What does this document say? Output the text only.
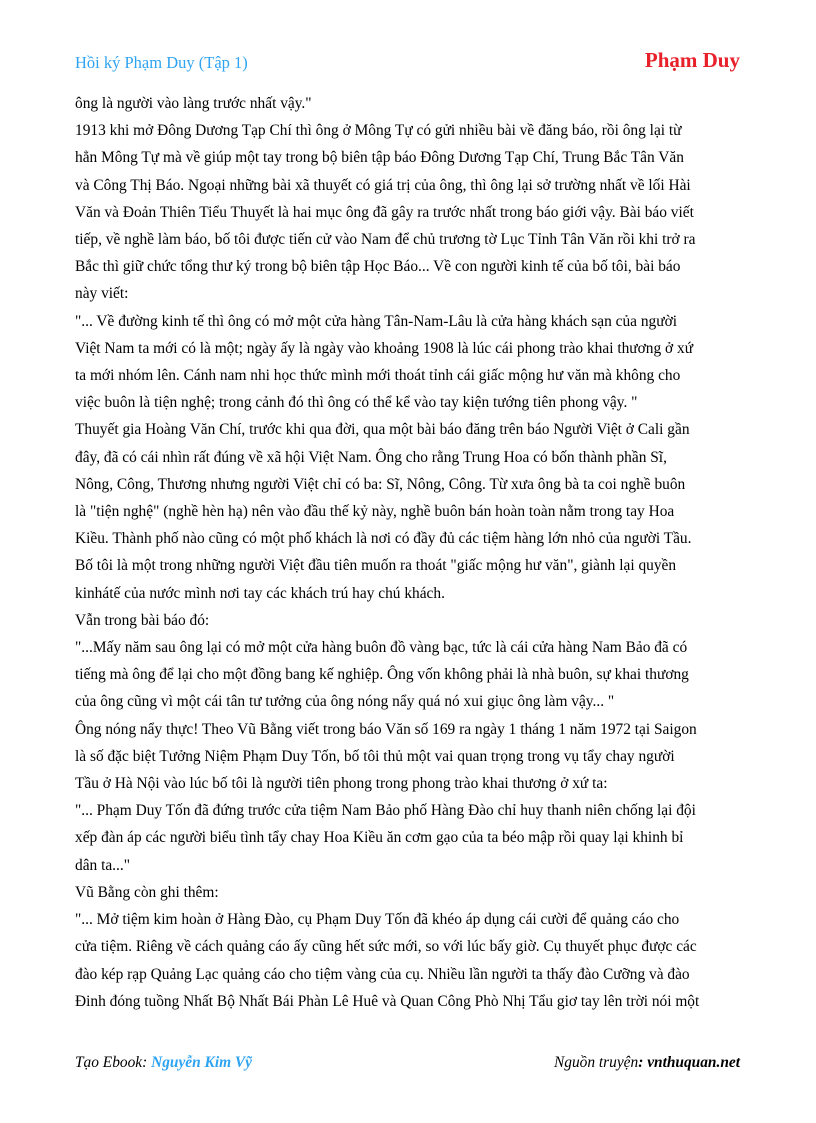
Hồi ký Phạm Duy (Tập 1)	Phạm Duy
ông là người vào làng trước nhất vậy."
1913 khi mở Đông Dương Tạp Chí thì ông ở Mông Tự có gửi nhiều bài về đăng báo, rồi ông lại từ
hẳn Mông Tự mà về giúp một tay trong bộ biên tập báo Đông Dương Tạp Chí, Trung Bắc Tân Văn
và Công Thị Báo. Ngoại những bài xã thuyết có giá trị của ông, thì ông lại sở trường nhất về lối Hài
Văn và Đoản Thiên Tiểu Thuyết là hai mục ông đã gây ra trước nhất trong báo giới vậy. Bài báo viết
tiếp, về nghề làm báo, bố tôi được tiến cử vào Nam để chủ trương tờ Lục Tỉnh Tân Văn rồi khi trở ra
Bắc thì giữ chức tổng thư ký trong bộ biên tập Học Báo... Về con người kinh tế của bố tôi, bài báo
này viết:
"... Về đường kinh tế thì ông có mở một cửa hàng Tân-Nam-Lâu là cửa hàng khách sạn của người
Việt Nam ta mới có là một; ngày ấy là ngày vào khoảng 1908 là lúc cái phong trào khai thương ở xứ
ta mới nhóm lên. Cánh nam nhi học thức mình mới thoát tỉnh cái giấc mộng hư văn mà không cho
việc buôn là tiện nghệ; trong cảnh đó thì ông có thể kể vào tay kiện tướng tiên phong vậy. "
Thuyết gia Hoàng Văn Chí, trước khi qua đời, qua một bài báo đăng trên báo Người Việt ở Cali gần
đây, đã có cái nhìn rất đúng về xã hội Việt Nam. Ông cho rằng Trung Hoa có bốn thành phần Sĩ,
Nông, Công, Thương nhưng người Việt chỉ có ba: Sĩ, Nông, Công. Từ xưa ông bà ta coi nghề buôn
là "tiện nghệ" (nghề hèn hạ) nên vào đầu thế kỷ này, nghề buôn bán hoàn toàn nằm trong tay Hoa
Kiều. Thành phố nào cũng có một phố khách là nơi có đầy đủ các tiệm hàng lớn nhỏ của người Tầu.
Bố tôi là một trong những người Việt đầu tiên muốn ra thoát "giấc mộng hư văn", giành lại quyền
kinhátế của nước mình nơi tay các khách trú hay chú khách.
Vẫn trong bài báo đó:
"...Mấy năm sau ông lại có mở một cửa hàng buôn đồ vàng bạc, tức là cái cửa hàng Nam Bảo đã có
tiếng mà ông để lại cho một đồng bang kế nghiệp. Ông vốn không phải là nhà buôn, sự khai thương
của ông cũng vì một cái tân tư tưởng của ông nóng nẩy quá nó xui giục ông làm vậy... "
Ông nóng nẩy thực! Theo Vũ Bằng viết trong báo Văn số 169 ra ngày 1 tháng 1 năm 1972 tại Saigon
là số đặc biệt Tưởng Niệm Phạm Duy Tốn, bố tôi thủ một vai quan trọng trong vụ tẩy chay người
Tầu ở Hà Nội vào lúc bố tôi là người tiên phong trong phong trào khai thương ở xứ ta:
"... Phạm Duy Tốn đã đứng trước cửa tiệm Nam Bảo phố Hàng Đào chỉ huy thanh niên chống lại đội
xếp đàn áp các người biểu tình tẩy chay Hoa Kiều ăn cơm gạo của ta béo mập rồi quay lại khinh bỉ
dân ta..."
Vũ Bằng còn ghi thêm:
"... Mở tiệm kim hoàn ở Hàng Đào, cụ Phạm Duy Tốn đã khéo áp dụng cái cười để quảng cáo cho
cửa tiệm. Riêng về cách quảng cáo ấy cũng hết sức mới, so với lúc bấy giờ. Cụ thuyết phục được các
đào kép rạp Quảng Lạc quảng cáo cho tiệm vàng của cụ. Nhiều lần người ta thấy đào Cưỡng và đào
Đinh đóng tuồng Nhất Bộ Nhất Bái Phàn Lê Huê và Quan Công Phò Nhị Tẩu giơ tay lên trời nói một
Tạo Ebook: Nguyễn Kim Vỹ	Nguồn truyện: vnthuquan.net
